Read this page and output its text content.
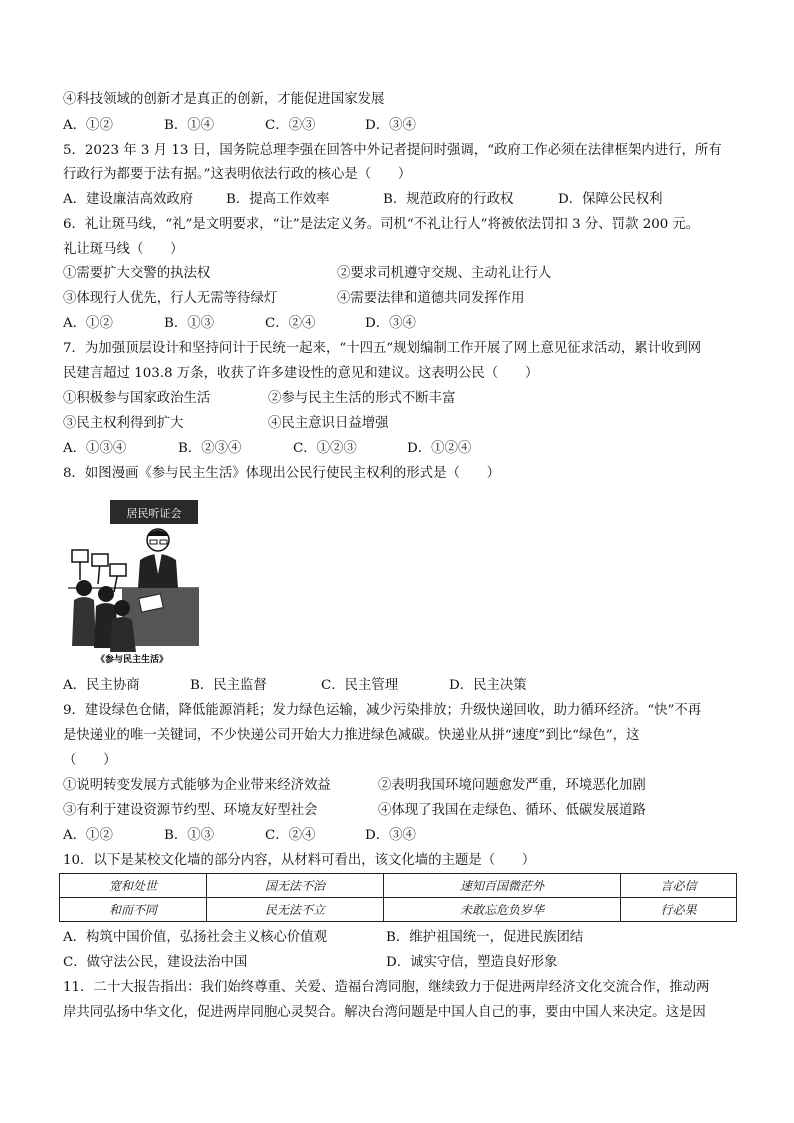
④科技领域的创新才是真正的创新，才能促进国家发展
A．①②	B．①④	C．②③	D．③④
5．2023 年 3 月 13 日，国务院总理李强在回答中外记者提问时强调，“政府工作必须在法律框架内进行，所有
行政行为都要于法有据。”这表明依法行政的核心是（　　）
A．建设廉洁高效政府 B．提高工作效率	B．规范政府的行政权	D．保障公民权利
6．礼让斑马线，“礼”是文明要求，“让”是法定义务。司机“不礼让行人”将被依法罚扣 3 分、罚款 200 元。
礼让斑马线（　　）
①需要扩大交警的执法权	②要求司机遵守交规、主动礼让行人
③体现行人优先，行人无需等待绿灯	④需要法律和道德共同发挥作用
A．①②	B．①③	C．②④	D．③④
7．为加强顶层设计和坚持问计于民统一起来，“十四五”规划编制工作开展了网上意见征求活动，累计收到网
民建言超过 103.8 万条，收获了许多建设性的意见和建议。这表明公民（　　）
①积极参与国家政治生活	②参与民主生活的形式不断丰富
③民主权利得到扩大	④民主意识日益增强
A．①③④	B．②③④	C．①②③	D．①②④
8．如图漫画《参与民主生活》体现出公民行使民主权利的形式是（　　）
居民听证会
《参与民主生活》
A．民主协商	B．民主监督	C．民主管理	D．民主决策
9．建设绿色仓储，降低能源消耗；发力绿色运输，减少污染排放；升级快递回收，助力循环经济。“快”不再
是快递业的唯一关键词，不少快递公司开始大力推进绿色减碳。快递业从拼“速度”到比“绿色”，这
（　　）
①说明转变发展方式能够为企业带来经济效益	②表明我国环境问题愈发严重，环境恶化加剧
③有利于建设资源节约型、环境友好型社会	④体现了我国在走绿色、循环、低碳发展道路
A．①②	B．①③	C．②④	D．③④
10．以下是某校文化墙的部分内容，从材料可看出，该文化墙的主题是（　　）
宽和处世	国无法不治	速知百国微茫外	言必信
和而不同	民无法不立	未敢忘危负岁华	行必果
A．构筑中国价值，弘扬社会主义核心价值观	B．维护祖国统一，促进民族团结
C．做守法公民，建设法治中国	D．诚实守信，塑造良好形象
11．二十大报告指出：我们始终尊重、关爱、造福台湾同胞，继续致力于促进两岸经济文化交流合作，推动两
岸共同弘扬中华文化，促进两岸同胞心灵契合。解决台湾问题是中国人自己的事，要由中国人来决定。这是因
